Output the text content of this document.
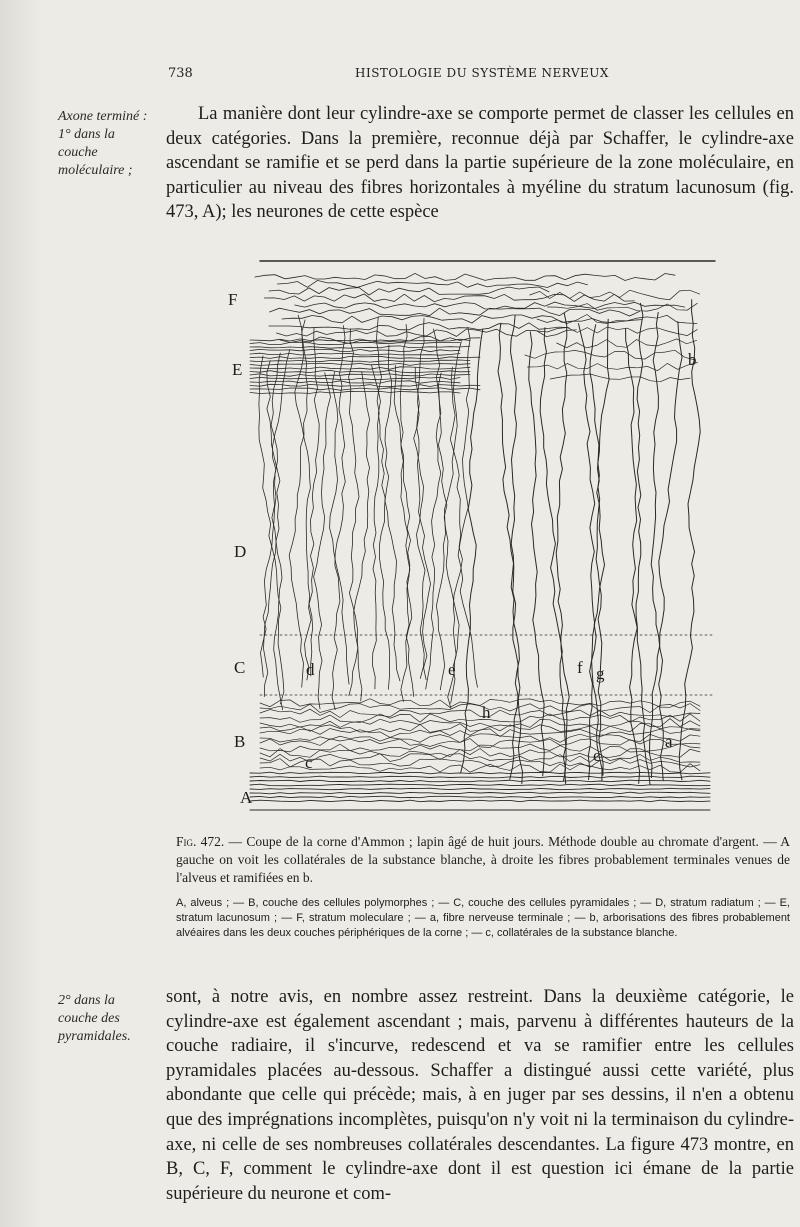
738	HISTOLOGIE DU SYSTÈME NERVEUX
Axone terminé : 1° dans la couche moléculaire ;

La manière dont leur cylindre-axe se comporte permet de classer les cellules en deux catégories. Dans la première, reconnue déjà par Schaffer, le cylindre-axe ascendant se ramifie et se perd dans la partie supérieure de la zone moléculaire, en particulier au niveau des fibres horizontales à myéline du stratum lacunosum (fig. 473, A); les neurones de cette espèce

F
E
D
C
B
A
b
d	e	f g
h
c	c
a

Fig. 472. — Coupe de la corne d'Ammon ; lapin âgé de huit jours. Méthode double au chromate d'argent. — A gauche on voit les collatérales de la substance blanche, à droite les fibres probablement terminales venues de l'alveus et ramifiées en b.

A, alveus ; — B, couche des cellules polymorphes ; — C, couche des cellules pyramidales ; — D, stratum radiatum ; — E, stratum lacunosum ; — F, stratum moleculare ; — a, fibre nerveuse terminale ; — b, arborisations des fibres probablement alvéaires dans les deux couches périphériques de la corne ; — c, collatérales de la substance blanche.

2° dans la couche des pyramidales.

sont, à notre avis, en nombre assez restreint. Dans la deuxième catégorie, le cylindre-axe est également ascendant ; mais, parvenu à différentes hauteurs de la couche radiaire, il s'incurve, redescend et va se ramifier entre les cellules pyramidales placées au-dessous. Schaffer a distingué aussi cette variété, plus abondante que celle qui précède; mais, à en juger par ses dessins, il n'en a obtenu que des imprégnations incomplètes, puisqu'on n'y voit ni la terminaison du cylindre-axe, ni celle de ses nombreuses collatérales descendantes. La figure 473 montre, en B, C, F, comment le cylindre-axe dont il est question ici émane de la partie supérieure du neurone et com-
